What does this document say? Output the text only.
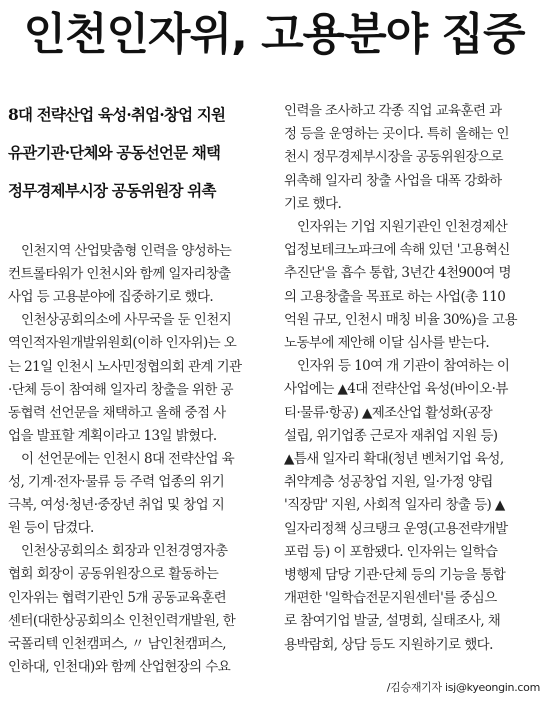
인천인자위, 고용분야 집중
8대 전략산업 육성·취업·창업 지원
유관기관·단체와 공동선언문 채택
정무경제부시장 공동위원장 위촉
인천지역 산업맞춤형 인력을 양성하는
컨트롤타워가 인천시와 함께 일자리창출
사업 등 고용분야에 집중하기로 했다.
인천상공회의소에 사무국을 둔 인천지
역인적자원개발위원회(이하 인자위)는 오
는 21일 인천시 노사민정협의회 관계 기관
·단체 등이 참여해 일자리 창출을 위한 공
동협력 선언문을 채택하고 올해 중점 사
업을 발표할 계획이라고 13일 밝혔다.
이 선언문에는 인천시 8대 전략산업 육
성, 기계·전자·물류 등 주력 업종의 위기
극복, 여성·청년·중장년 취업 및 창업 지
원 등이 담겼다.
인천상공회의소 회장과 인천경영자총
협회 회장이 공동위원장으로 활동하는
인자위는 협력기관인 5개 공동교육훈련
센터(대한상공회의소 인천인력개발원, 한
국폴리텍 인천캠퍼스, 〃 남인천캠퍼스,
인하대, 인천대)와 함께 산업현장의 수요
인력을 조사하고 각종 직업 교육훈련 과
정 등을 운영하는 곳이다. 특히 올해는 인
천시 정무경제부시장을 공동위원장으로
위촉해 일자리 창출 사업을 대폭 강화하
기로 했다.
인자위는 기업 지원기관인 인천경제산
업정보테크노파크에 속해 있던 '고용혁신
추진단'을 흡수 통합, 3년간 4천900여 명
의 고용창출을 목표로 하는 사업(총 110
억원 규모, 인천시 매칭 비율 30%)을 고용
노동부에 제안해 이달 심사를 받는다.
인자위 등 10여 개 기관이 참여하는 이
사업에는 ▲4대 전략산업 육성(바이오·뷰
티·물류·항공) ▲제조산업 활성화(공장
설립, 위기업종 근로자 재취업 지원 등)
▲틈새 일자리 확대(청년 벤처기업 육성,
취약계층 성공창업 지원, 일·가정 양립
'직장맘' 지원, 사회적 일자리 창출 등) ▲
일자리정책 싱크탱크 운영(고용전략개발
포럼 등) 이 포함됐다. 인자위는 일학습
병행제 담당 기관·단체 등의 기능을 통합
개편한 '일학습전문지원센터'를 중심으
로 참여기업 발굴, 설명회, 실태조사, 채
용박람회, 상담 등도 지원하기로 했다.
/김승재기자 isj@kyeongin.com
